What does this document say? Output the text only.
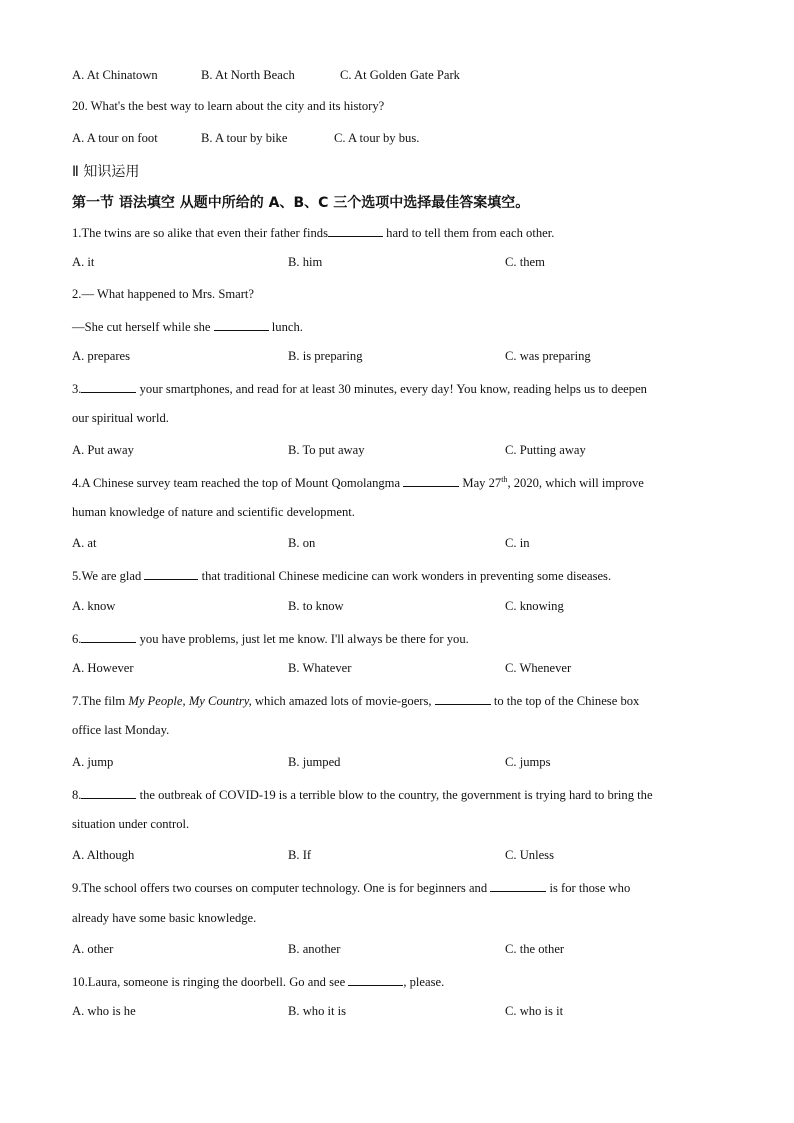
A. At Chinatown	B. At North Beach	C. At Golden Gate Park
20. What's the best way to learn about the city and its history?
A. A tour on foot	B. A tour by bike	C. A tour by bus.
Ⅱ 知识运用
第一节 语法填空 从题中所给的 A、B、C 三个选项中选择最佳答案填空。
1.The twins are so alike that even their father finds	hard to tell them from each other.
A. it	B. him	C. them
2.— What happened to Mrs. Smart?
—She cut herself while she	lunch.
A. prepares	B. is preparing	C. was preparing
3.	your smartphones, and read for at least 30 minutes, every day! You know, reading helps us to deepen
our spiritual world.
A. Put away	B. To put away	C. Putting away
4.A Chinese survey team reached the top of Mount Qomolangma	May 27th, 2020, which will improve
human knowledge of nature and scientific development.
A. at	B. on	C. in
5.We are glad	that traditional Chinese medicine can work wonders in preventing some diseases.
A. know	B. to know	C. knowing
6.	you have problems, just let me know. I'll always be there for you.
A. However	B. Whatever	C. Whenever
7.The film My People, My Country, which amazed lots of movie-goers,	to the top of the Chinese box
office last Monday.
A. jump	B. jumped	C. jumps
8.	the outbreak of COVID-19 is a terrible blow to the country, the government is trying hard to bring the
situation under control.
A. Although	B. If	C. Unless
9.The school offers two courses on computer technology. One is for beginners and	is for those who
already have some basic knowledge.
A. other	B. another	C. the other
10.Laura, someone is ringing the doorbell. Go and see	, please.
A. who is he	B. who it is	C. who is it
